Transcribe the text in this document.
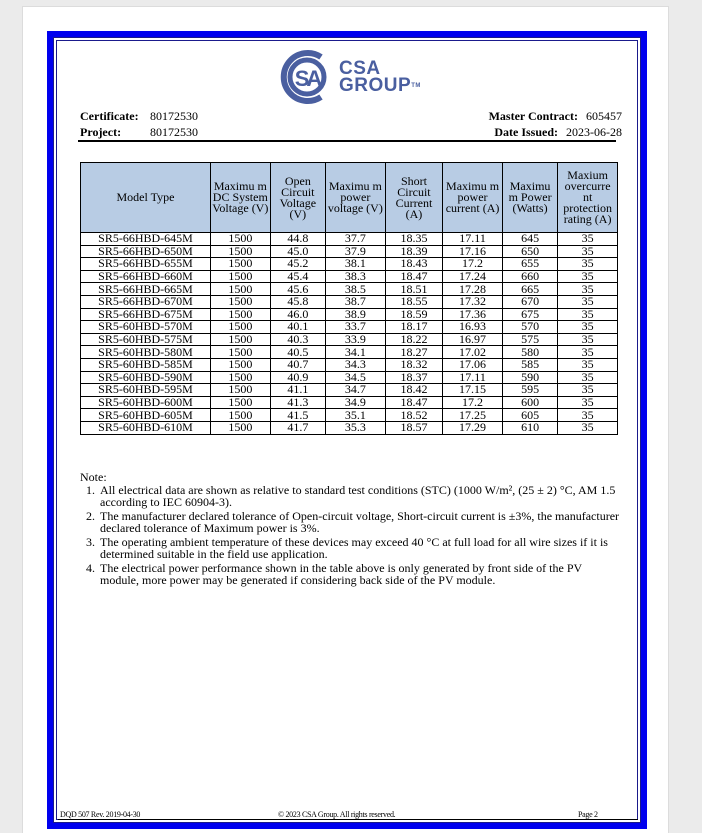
SA CSA
GROUP™
Certificate: 80172530
Project: 80172530
Master Contract: 605457
Date Issued: 2023-06-28
Model Type	Maximu m DC System Voltage (V)	Open Circuit Voltage (V)	Maximu m power voltage (V)	Short Circuit Current (A)	Maximu m power current (A)	Maximu m Power (Watts)	Maxium overcurre nt protection rating (A)
SR5-66HBD-645M	1500	44.8	37.7	18.35	17.11	645	35
SR5-66HBD-650M	1500	45.0	37.9	18.39	17.16	650	35
SR5-66HBD-655M	1500	45.2	38.1	18.43	17.2	655	35
SR5-66HBD-660M	1500	45.4	38.3	18.47	17.24	660	35
SR5-66HBD-665M	1500	45.6	38.5	18.51	17.28	665	35
SR5-66HBD-670M	1500	45.8	38.7	18.55	17.32	670	35
SR5-66HBD-675M	1500	46.0	38.9	18.59	17.36	675	35
SR5-60HBD-570M	1500	40.1	33.7	18.17	16.93	570	35
SR5-60HBD-575M	1500	40.3	33.9	18.22	16.97	575	35
SR5-60HBD-580M	1500	40.5	34.1	18.27	17.02	580	35
SR5-60HBD-585M	1500	40.7	34.3	18.32	17.06	585	35
SR5-60HBD-590M	1500	40.9	34.5	18.37	17.11	590	35
SR5-60HBD-595M	1500	41.1	34.7	18.42	17.15	595	35
SR5-60HBD-600M	1500	41.3	34.9	18.47	17.2	600	35
SR5-60HBD-605M	1500	41.5	35.1	18.52	17.25	605	35
SR5-60HBD-610M	1500	41.7	35.3	18.57	17.29	610	35
Note:
1. All electrical data are shown as relative to standard test conditions (STC) (1000 W/m², (25 ± 2) °C, AM 1.5 according to IEC 60904-3).
2. The manufacturer declared tolerance of Open-circuit voltage, Short-circuit current is ±3%, the manufacturer declared tolerance of Maximum power is 3%.
3. The operating ambient temperature of these devices may exceed 40 °C at full load for all wire sizes if it is determined suitable in the field use application.
4. The electrical power performance shown in the table above is only generated by front side of the PV module, more power may be generated if considering back side of the PV module.
DQD 507 Rev. 2019-04-30	© 2023 CSA Group. All rights reserved.	Page 2
